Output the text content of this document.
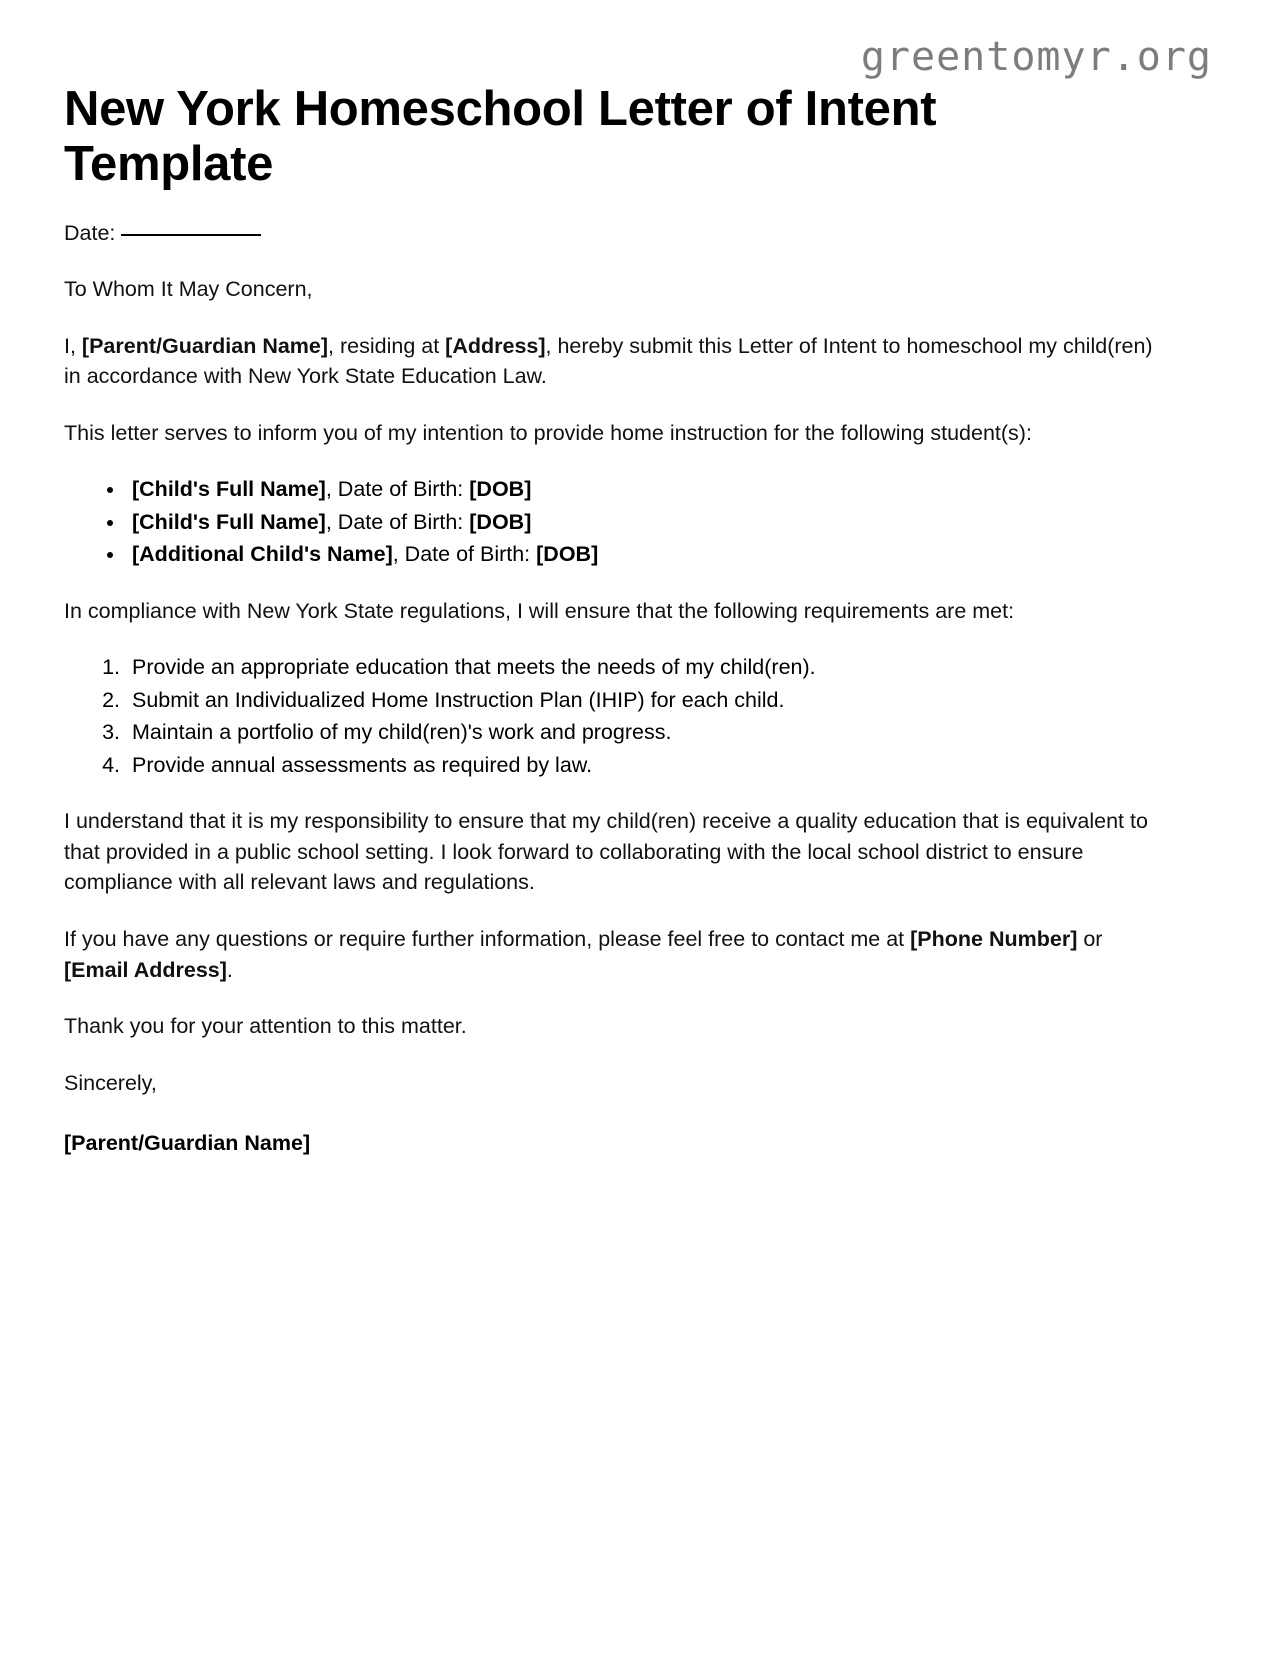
greentomyr.org
New York Homeschool Letter of Intent Template

Date:

To Whom It May Concern,

I, [Parent/Guardian Name], residing at [Address], hereby submit this Letter of Intent to homeschool my child(ren) in accordance with New York State Education Law.

This letter serves to inform you of my intention to provide home instruction for the following student(s):

• [Child's Full Name], Date of Birth: [DOB]
• [Child's Full Name], Date of Birth: [DOB]
• [Additional Child's Name], Date of Birth: [DOB]

In compliance with New York State regulations, I will ensure that the following requirements are met:

1. Provide an appropriate education that meets the needs of my child(ren).
2. Submit an Individualized Home Instruction Plan (IHIP) for each child.
3. Maintain a portfolio of my child(ren)'s work and progress.
4. Provide annual assessments as required by law.

I understand that it is my responsibility to ensure that my child(ren) receive a quality education that is equivalent to that provided in a public school setting. I look forward to collaborating with the local school district to ensure compliance with all relevant laws and regulations.

If you have any questions or require further information, please feel free to contact me at [Phone Number] or [Email Address].

Thank you for your attention to this matter.

Sincerely,

[Parent/Guardian Name]
